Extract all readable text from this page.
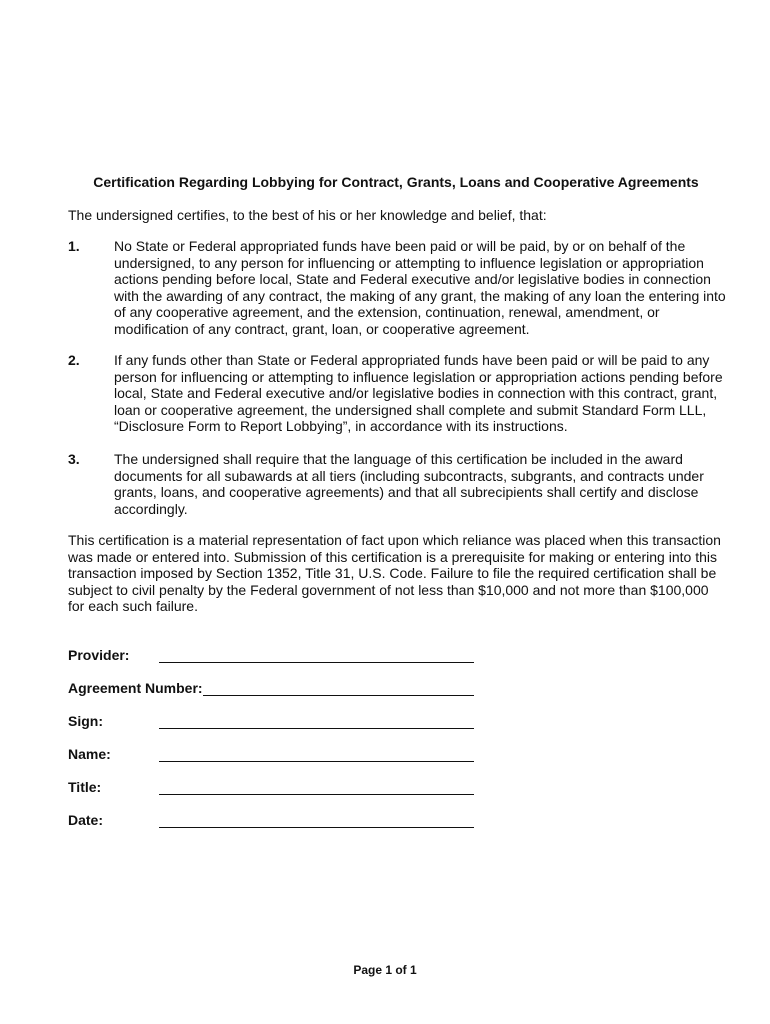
Certification Regarding Lobbying for Contract, Grants, Loans and Cooperative Agreements
The undersigned certifies, to the best of his or her knowledge and belief, that:
1. No State or Federal appropriated funds have been paid or will be paid, by or on behalf of the undersigned, to any person for influencing or attempting to influence legislation or appropriation actions pending before local, State and Federal executive and/or legislative bodies in connection with the awarding of any contract, the making of any grant, the making of any loan the entering into of any cooperative agreement, and the extension, continuation, renewal, amendment, or modification of any contract, grant, loan, or cooperative agreement.
2. If any funds other than State or Federal appropriated funds have been paid or will be paid to any person for influencing or attempting to influence legislation or appropriation actions pending before local, State and Federal executive and/or legislative bodies in connection with this contract, grant, loan or cooperative agreement, the undersigned shall complete and submit Standard Form LLL, “Disclosure Form to Report Lobbying”, in accordance with its instructions.
3. The undersigned shall require that the language of this certification be included in the award documents for all subawards at all tiers (including subcontracts, subgrants, and contracts under grants, loans, and cooperative agreements) and that all subrecipients shall certify and disclose accordingly.
This certification is a material representation of fact upon which reliance was placed when this transaction was made or entered into. Submission of this certification is a prerequisite for making or entering into this transaction imposed by Section 1352, Title 31, U.S. Code. Failure to file the required certification shall be subject to civil penalty by the Federal government of not less than $10,000 and not more than $100,000 for each such failure.
Provider:
Agreement Number:
Sign:
Name:
Title:
Date:
Page 1 of 1
